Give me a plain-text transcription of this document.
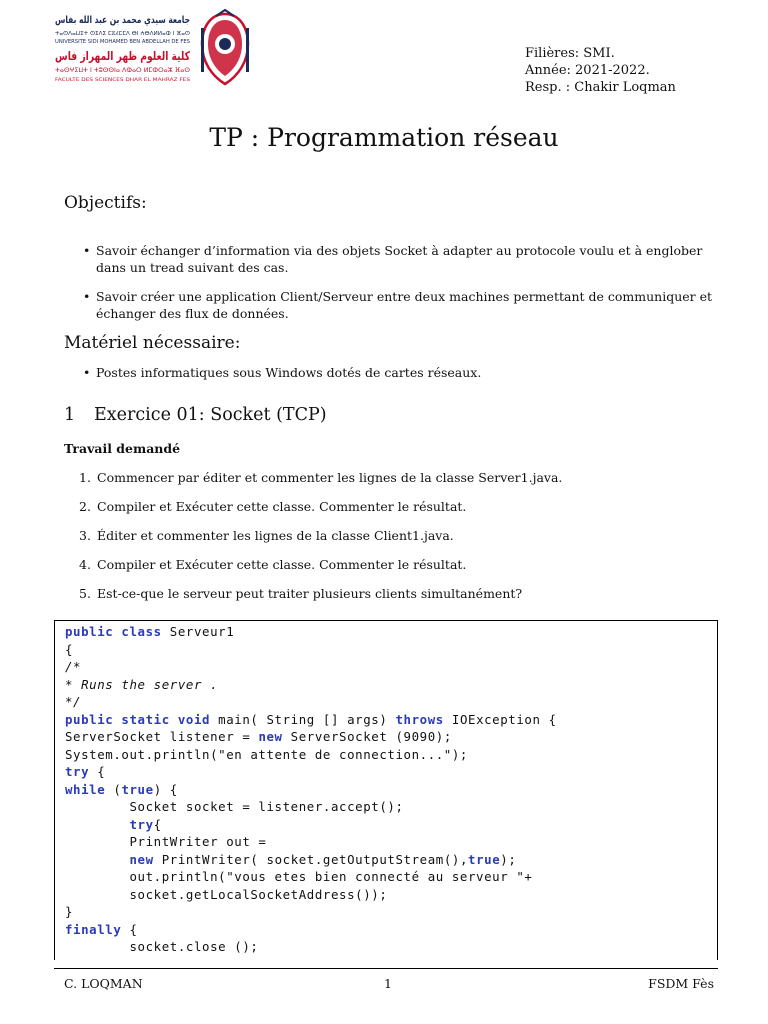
جامعة سيدي محمد بن عبد الله بفاس
ⵜⴰⵙⴷⴰⵡⵉⵜ ⵙⵉⴷⵉ ⵎⵓⵃⵎⵎⴷ ⴱⵏ ⵄⴱⴷⵍⵍⴰⵀ ⵏ ⴼⴰⵙ
UNIVERSITE SIDI MOHAMED BEN ABDELLAH DE FES
كلية العلوم ظهر المهراز فاس
ⵜⴰⵙⵖⵉⵡⵜ ⵏ ⵜⵓⵙⵙⵏⴰ ⴷⵀⴰⵔ ⵍⵎⵀⵔⴰⵣ ⴼⴰⵙ
FACULTE DES SCIENCES DHAR EL MAHRAZ FES
Filières: SMI.
Année: 2021-2022.
Resp. : Chakir Loqman
TP : Programmation réseau
Objectifs:
• Savoir échanger d’information via des objets Socket à adapter au protocole voulu et à englober dans un tread suivant des cas.
• Savoir créer une application Client/Serveur entre deux machines permettant de communiquer et échanger des flux de données.
Matériel nécessaire:
• Postes informatiques sous Windows dotés de cartes réseaux.
1 Exercice 01: Socket (TCP)
Travail demandé
1. Commencer par éditer et commenter les lignes de la classe Server1.java.
2. Compiler et Exécuter cette classe. Commenter le résultat.
3. Éditer et commenter les lignes de la classe Client1.java.
4. Compiler et Exécuter cette classe. Commenter le résultat.
5. Est-ce-que le serveur peut traiter plusieurs clients simultanément?
public class Serveur1
{
/*
* Runs the server .
*/
public static void main( String [] args) throws IOException {
ServerSocket listener = new ServerSocket (9090);
System.out.println("en attente de connection...");
try {
while (true) {
Socket socket = listener.accept();
try{
PrintWriter out =
new PrintWriter( socket.getOutputStream(),true);
out.println("vous etes bien connecté au serveur "+
socket.getLocalSocketAddress());
}
finally {
socket.close ();
C. LOQMAN	1	FSDM Fès
